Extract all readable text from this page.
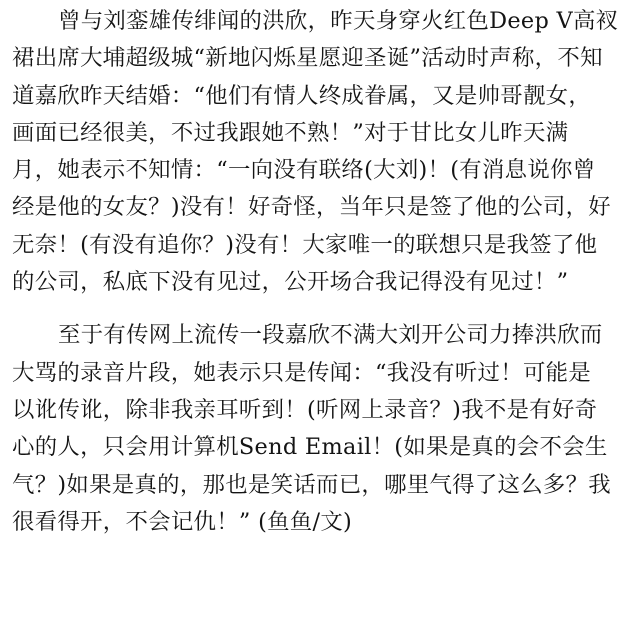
曾与刘銮雄传绯闻的洪欣，昨天身穿火红色Deep V高衩
裙出席大埔超级城“新地闪烁星愿迎圣诞”活动时声称，不知
道嘉欣昨天结婚：“他们有情人终成眷属，又是帅哥靓女，
画面已经很美，不过我跟她不熟！”对于甘比女儿昨天满
月，她表示不知情：“一向没有联络(大刘)！(有消息说你曾
经是他的女友？)没有！好奇怪，当年只是签了他的公司，好
无奈！(有没有追你？)没有！大家唯一的联想只是我签了他
的公司，私底下没有见过，公开场合我记得没有见过！”

至于有传网上流传一段嘉欣不满大刘开公司力捧洪欣而
大骂的录音片段，她表示只是传闻：“我没有听过！可能是
以讹传讹，除非我亲耳听到！(听网上录音？)我不是有好奇
心的人，只会用计算机Send Email！(如果是真的会不会生
气？)如果是真的，那也是笑话而已，哪里气得了这么多？我
很看得开，不会记仇！” (鱼鱼/文)
